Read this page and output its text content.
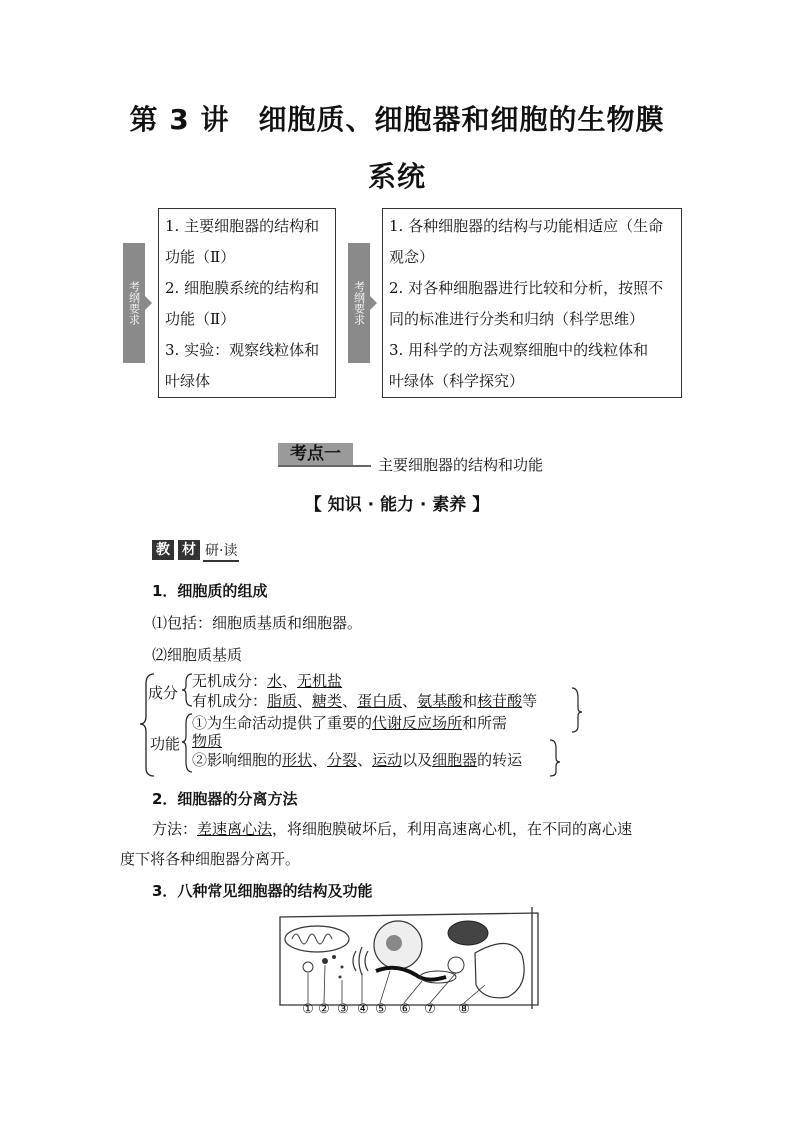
第 3 讲　细胞质、细胞器和细胞的生物膜
系统
考纲要求
1. 主要细胞器的结构和
功能（Ⅱ）
2. 细胞膜系统的结构和
功能（Ⅱ）
3. 实验：观察线粒体和
叶绿体
考纲要求
1. 各种细胞器的结构与功能相适应（生命
观念）
2. 对各种细胞器进行比较和分析，按照不
同的标准进行分类和归纳（科学思维）
3. 用科学的方法观察细胞中的线粒体和
叶绿体（科学探究）
考点一
主要细胞器的结构和功能
【 知识 · 能力 · 素养 】
教 材 研·读
1．细胞质的组成
⑴包括：细胞质基质和细胞器。
⑵细胞质基质
成分
无机成分：水、无机盐
有机成分：脂质、糖类、蛋白质、氨基酸和核苷酸等
功能
①为生命活动提供了重要的代谢反应场所和所需
物质
②影响细胞的形状、分裂、运动以及细胞器的转运
2．细胞器的分离方法
方法：差速离心法，将细胞膜破坏后，利用高速离心机，在不同的离心速
度下将各种细胞器分离开。
3．八种常见细胞器的结构及功能
① ② ③ ④ ⑤ ⑥ ⑦ ⑧
